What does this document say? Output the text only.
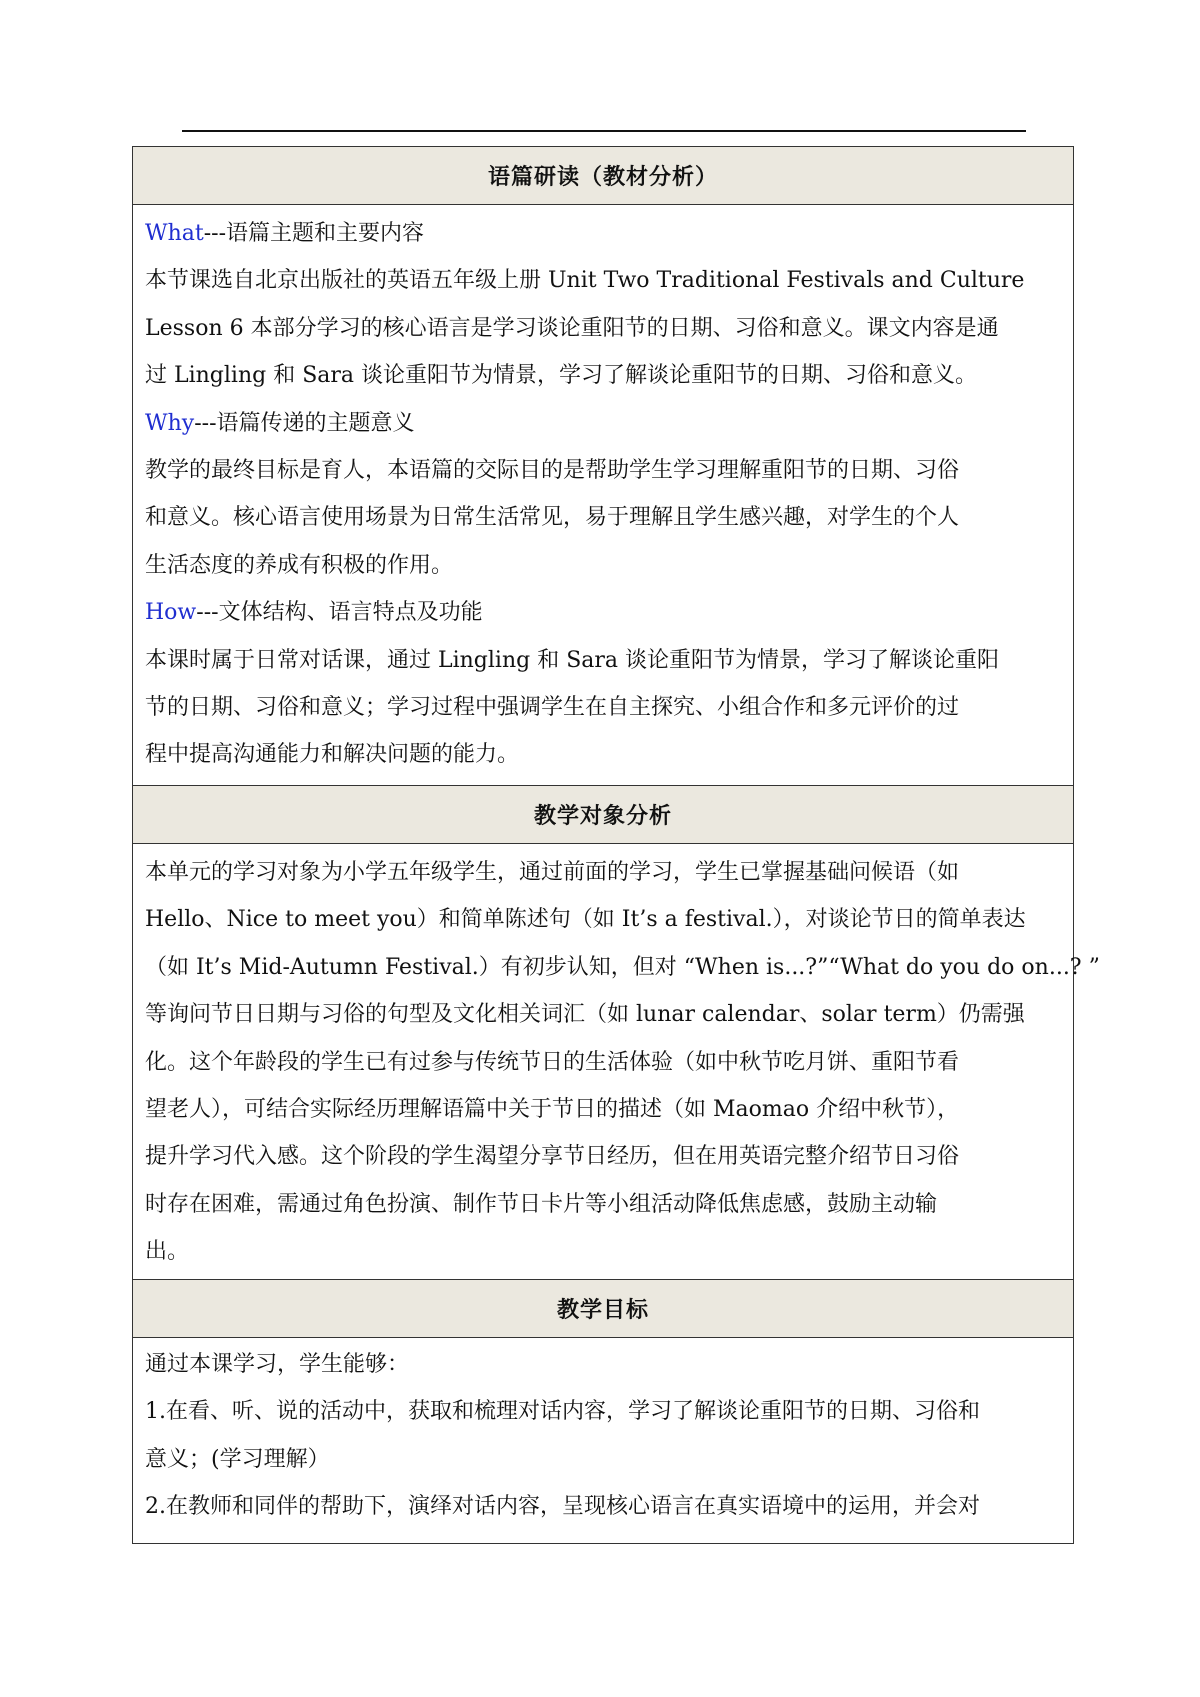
语篇研读（教材分析）

What---语篇主题和主要内容

本节课选自北京出版社的英语五年级上册 Unit Two Traditional Festivals and Culture

Lesson 6 本部分学习的核心语言是学习谈论重阳节的日期、习俗和意义。课文内容是通

过 Lingling 和 Sara 谈论重阳节为情景，学习了解谈论重阳节的日期、习俗和意义。

Why---语篇传递的主题意义

教学的最终目标是育人，本语篇的交际目的是帮助学生学习理解重阳节的日期、习俗

和意义。核心语言使用场景为日常生活常见，易于理解且学生感兴趣，对学生的个人

生活态度的养成有积极的作用。

How---文体结构、语言特点及功能

本课时属于日常对话课，通过 Lingling 和 Sara 谈论重阳节为情景，学习了解谈论重阳

节的日期、习俗和意义；学习过程中强调学生在自主探究、小组合作和多元评价的过

程中提高沟通能力和解决问题的能力。

教学对象分析

本单元的学习对象为小学五年级学生，通过前面的学习，学生已掌握基础问候语（如

Hello、Nice to meet you）和简单陈述句（如 It’s a festival.），对谈论节日的简单表达

（如 It’s Mid-Autumn Festival.）有初步认知，但对 “When is...?”“What do you do on...? ”

等询问节日日期与习俗的句型及文化相关词汇（如 lunar calendar、solar term）仍需强

化。这个年龄段的学生已有过参与传统节日的生活体验（如中秋节吃月饼、重阳节看

望老人），可结合实际经历理解语篇中关于节日的描述（如 Maomao 介绍中秋节），

提升学习代入感。这个阶段的学生渴望分享节日经历，但在用英语完整介绍节日习俗

时存在困难，需通过角色扮演、制作节日卡片等小组活动降低焦虑感，鼓励主动输

出。

教学目标

通过本课学习，学生能够：

1.在看、听、说的活动中，获取和梳理对话内容，学习了解谈论重阳节的日期、习俗和

意义；(学习理解）

2.在教师和同伴的帮助下，演绎对话内容，呈现核心语言在真实语境中的运用，并会对
